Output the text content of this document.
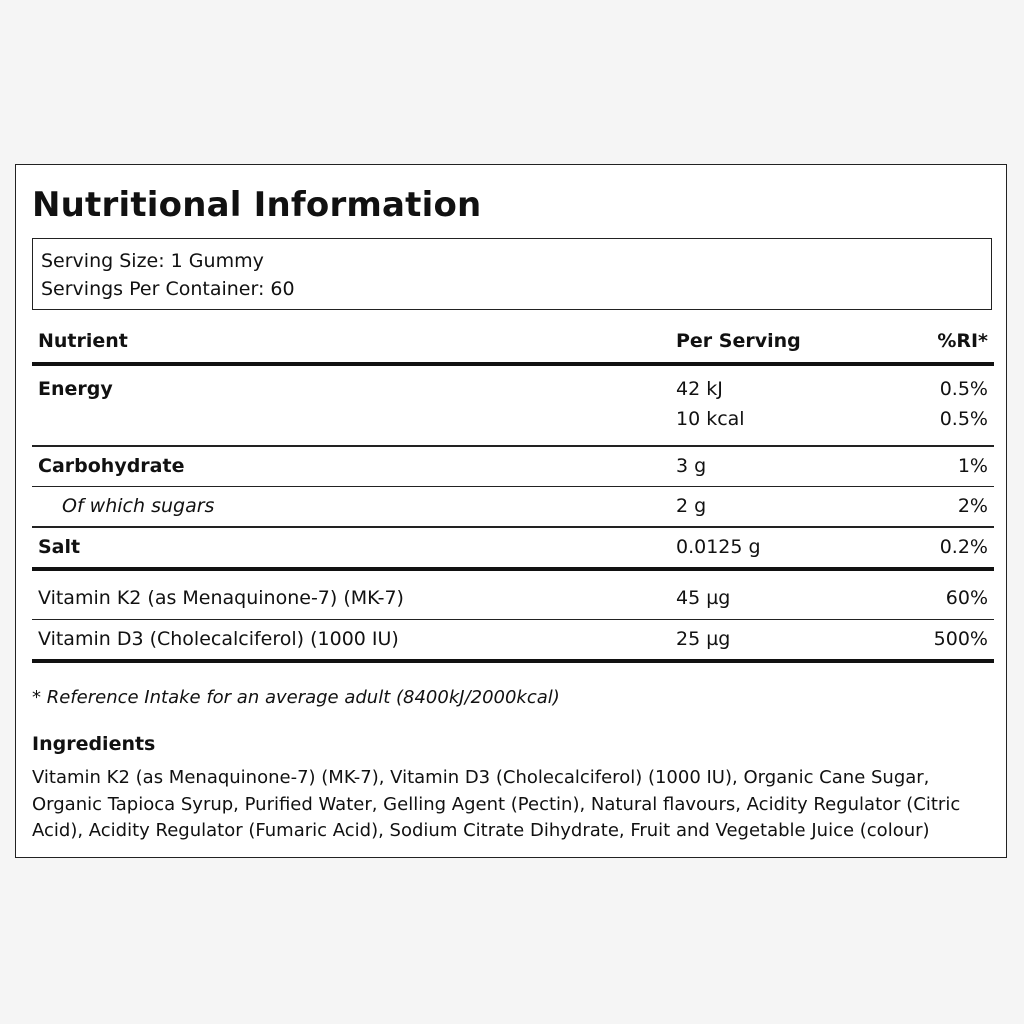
Nutritional Information
Serving Size: 1 Gummy
Servings Per Container: 60
Nutrient	Per Serving	%RI*
Energy	42 kJ	0.5%
10 kcal	0.5%
Carbohydrate	3 g	1%
Of which sugars	2 g	2%
Salt	0.0125 g	0.2%
Vitamin K2 (as Menaquinone-7) (MK-7)	45 µg	60%
Vitamin D3 (Cholecalciferol) (1000 IU)	25 µg	500%
* Reference Intake for an average adult (8400kJ/2000kcal)
Ingredients
Vitamin K2 (as Menaquinone-7) (MK-7), Vitamin D3 (Cholecalciferol) (1000 IU), Organic Cane Sugar, Organic Tapioca Syrup, Purified Water, Gelling Agent (Pectin), Natural flavours, Acidity Regulator (Citric Acid), Acidity Regulator (Fumaric Acid), Sodium Citrate Dihydrate, Fruit and Vegetable Juice (colour)
